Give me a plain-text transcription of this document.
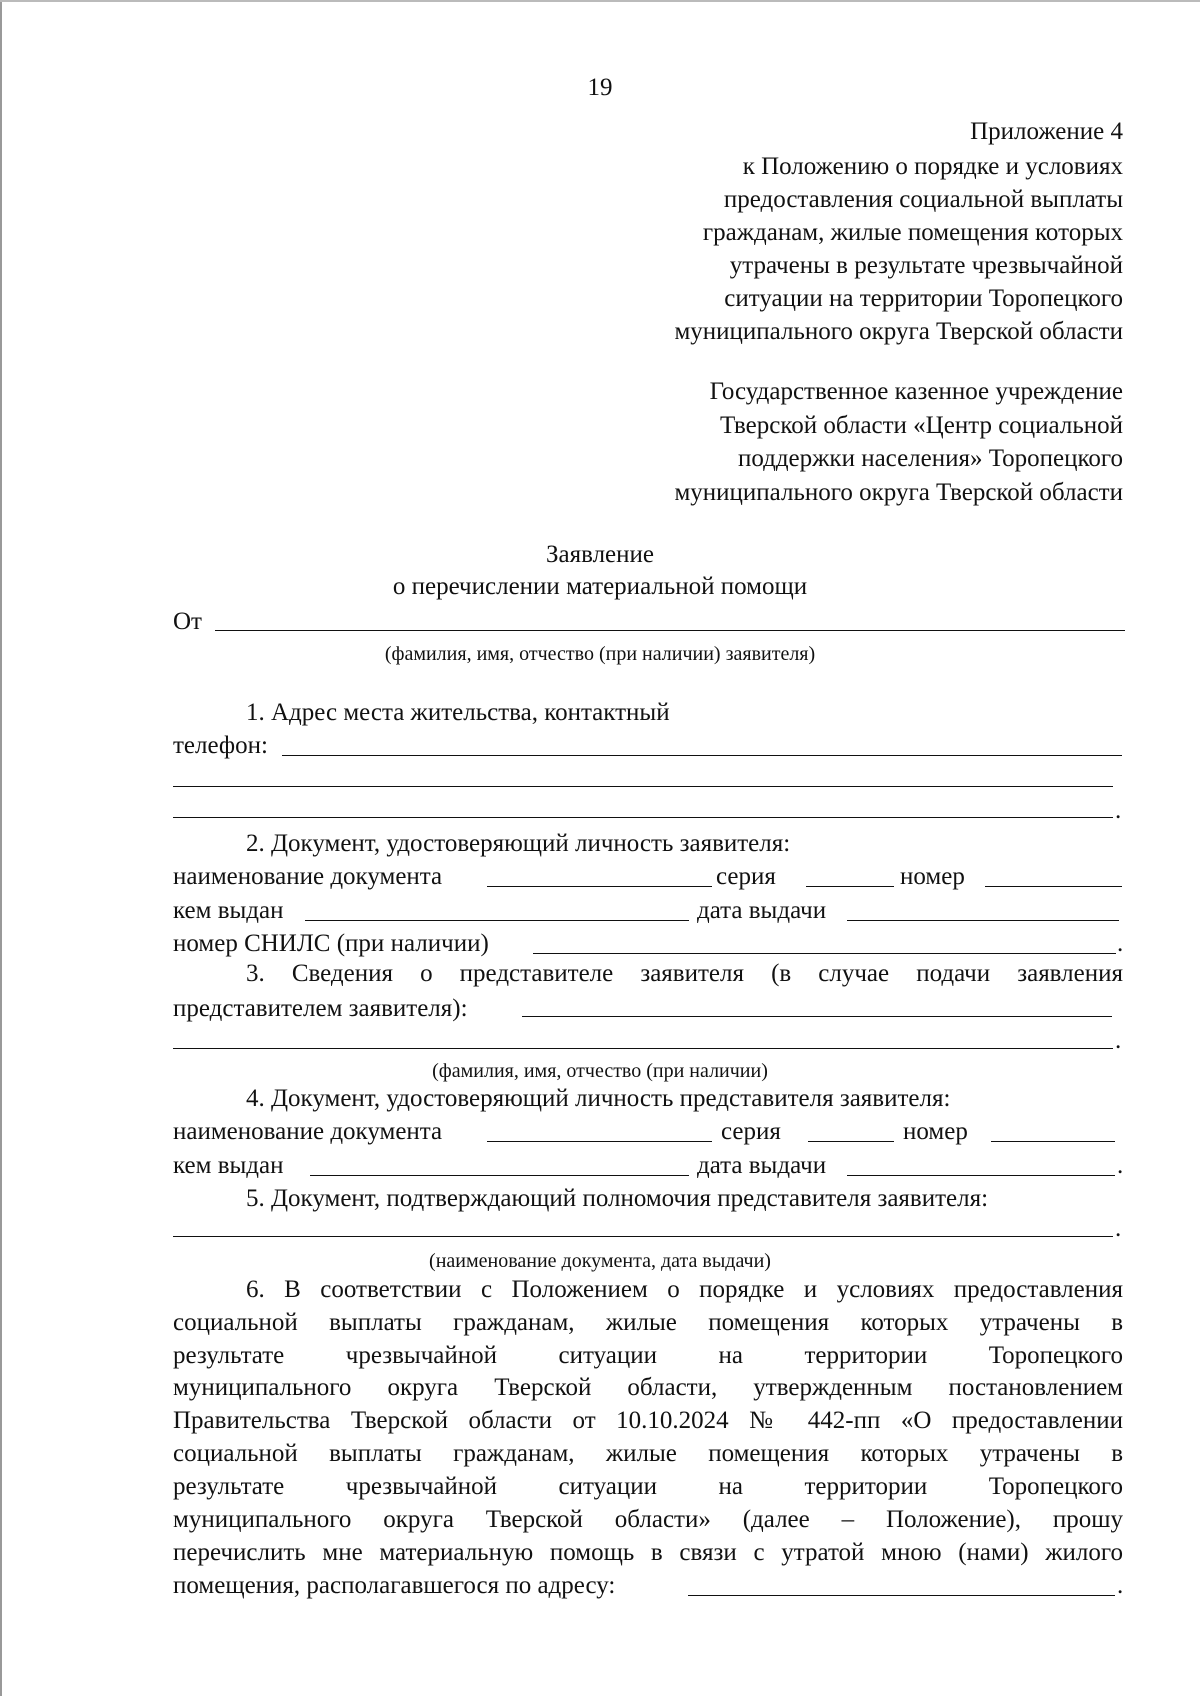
19
Приложение 4
к Положению о порядке и условиях
предоставления социальной выплаты
гражданам, жилые помещения которых
утрачены в результате чрезвычайной
ситуации на территории Торопецкого
муниципального округа Тверской области
Государственное казенное учреждение
Тверской области «Центр социальной
поддержки населения» Торопецкого
муниципального округа Тверской области
Заявление
о перечислении материальной помощи
От
(фамилия, имя, отчество (при наличии) заявителя)
1. Адрес места жительства, контактный
телефон:
.
2. Документ, удостоверяющий личность заявителя:
наименование документа	серия	номер
кем выдан	дата выдачи
номер СНИЛС (при наличии)	.
3. Сведения о представителе заявителя (в случае подачи заявления
представителем заявителя):
.
(фамилия, имя, отчество (при наличии)
4. Документ, удостоверяющий личность представителя заявителя:
наименование документа	серия	номер
кем выдан	дата выдачи	.
5. Документ, подтверждающий полномочия представителя заявителя:
.
(наименование документа, дата выдачи)
6. В соответствии с Положением о порядке и условиях предоставления
социальной выплаты гражданам, жилые помещения которых утрачены в
результате чрезвычайной ситуации на территории Торопецкого
муниципального округа Тверской области, утвержденным постановлением
Правительства Тверской области от 10.10.2024 № 442-пп «О предоставлении
социальной выплаты гражданам, жилые помещения которых утрачены в
результате чрезвычайной ситуации на территории Торопецкого
муниципального округа Тверской области» (далее – Положение), прошу
перечислить мне материальную помощь в связи с утратой мною (нами) жилого
помещения, располагавшегося по адресу:	.
